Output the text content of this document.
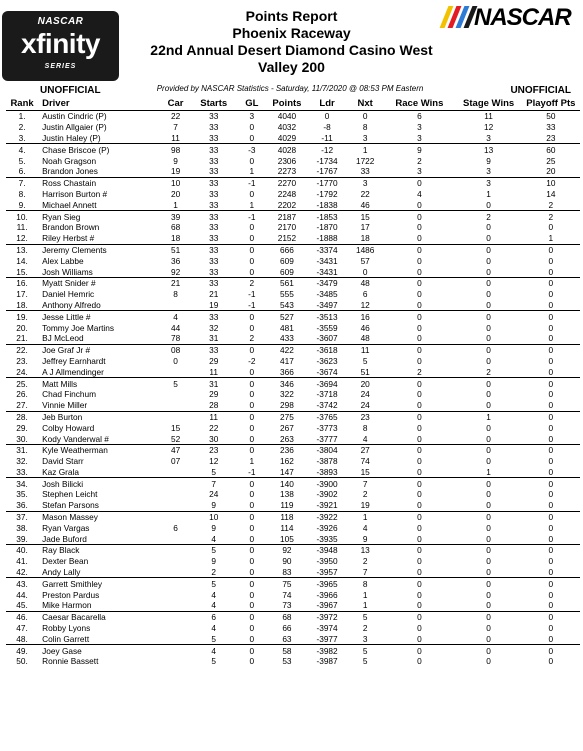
NASCAR
xfinity
SERIES
NASCAR
Points Report
Phoenix Raceway
22nd Annual Desert Diamond Casino West
Valley 200
UNOFFICIAL	Provided by NASCAR Statistics - Saturday, 11/7/2020 @ 08:53 PM Eastern	UNOFFICIAL
Rank	Driver	Car	Starts	GL	Points	Ldr	Nxt	Race Wins	Stage Wins	Playoff Pts
1.	Austin Cindric (P)	22	33	3	4040	0	0	6	11	50
2.	Justin Allgaier (P)	7	33	0	4032	-8	8	3	12	33
3.	Justin Haley (P)	11	33	0	4029	-11	3	3	3	23
4.	Chase Briscoe (P)	98	33	-3	4028	-12	1	9	13	60
5.	Noah Gragson	9	33	0	2306	-1734	1722	2	9	25
6.	Brandon Jones	19	33	1	2273	-1767	33	3	3	20
7.	Ross Chastain	10	33	-1	2270	-1770	3	0	3	10
8.	Harrison Burton #	20	33	0	2248	-1792	22	4	1	14
9.	Michael Annett	1	33	1	2202	-1838	46	0	0	2
10.	Ryan Sieg	39	33	-1	2187	-1853	15	0	2	2
11.	Brandon Brown	68	33	0	2170	-1870	17	0	0	0
12.	Riley Herbst #	18	33	0	2152	-1888	18	0	0	1
13.	Jeremy Clements	51	33	0	666	-3374	1486	0	0	0
14.	Alex Labbe	36	33	0	609	-3431	57	0	0	0
15.	Josh Williams	92	33	0	609	-3431	0	0	0	0
16.	Myatt Snider #	21	33	2	561	-3479	48	0	0	0
17.	Daniel Hemric	8	21	-1	555	-3485	6	0	0	0
18.	Anthony Alfredo		19	-1	543	-3497	12	0	0	0
19.	Jesse Little #	4	33	0	527	-3513	16	0	0	0
20.	Tommy Joe Martins	44	32	0	481	-3559	46	0	0	0
21.	BJ McLeod	78	31	2	433	-3607	48	0	0	0
22.	Joe Graf Jr #	08	33	0	422	-3618	11	0	0	0
23.	Jeffrey Earnhardt	0	29	-2	417	-3623	5	0	0	0
24.	A J Allmendinger		11	0	366	-3674	51	2	2	0
25.	Matt Mills	5	31	0	346	-3694	20	0	0	0
26.	Chad Finchum		29	0	322	-3718	24	0	0	0
27.	Vinnie Miller		28	0	298	-3742	24	0	0	0
28.	Jeb Burton		11	0	275	-3765	23	0	1	0
29.	Colby Howard	15	22	0	267	-3773	8	0	0	0
30.	Kody Vanderwal #	52	30	0	263	-3777	4	0	0	0
31.	Kyle Weatherman	47	23	0	236	-3804	27	0	0	0
32.	David Starr	07	12	1	162	-3878	74	0	0	0
33.	Kaz Grala		5	-1	147	-3893	15	0	1	0
34.	Josh Bilicki		7	0	140	-3900	7	0	0	0
35.	Stephen Leicht		24	0	138	-3902	2	0	0	0
36.	Stefan Parsons		9	0	119	-3921	19	0	0	0
37.	Mason Massey		10	0	118	-3922	1	0	0	0
38.	Ryan Vargas	6	9	0	114	-3926	4	0	0	0
39.	Jade Buford		4	0	105	-3935	9	0	0	0
40.	Ray Black		5	0	92	-3948	13	0	0	0
41.	Dexter Bean		9	0	90	-3950	2	0	0	0
42.	Andy Lally		2	0	83	-3957	7	0	0	0
43.	Garrett Smithley		5	0	75	-3965	8	0	0	0
44.	Preston Pardus		4	0	74	-3966	1	0	0	0
45.	Mike Harmon		4	0	73	-3967	1	0	0	0
46.	Caesar Bacarella		6	0	68	-3972	5	0	0	0
47.	Robby Lyons		4	0	66	-3974	2	0	0	0
48.	Colin Garrett		5	0	63	-3977	3	0	0	0
49.	Joey Gase		4	0	58	-3982	5	0	0	0
50.	Ronnie Bassett		5	0	53	-3987	5	0	0	0
